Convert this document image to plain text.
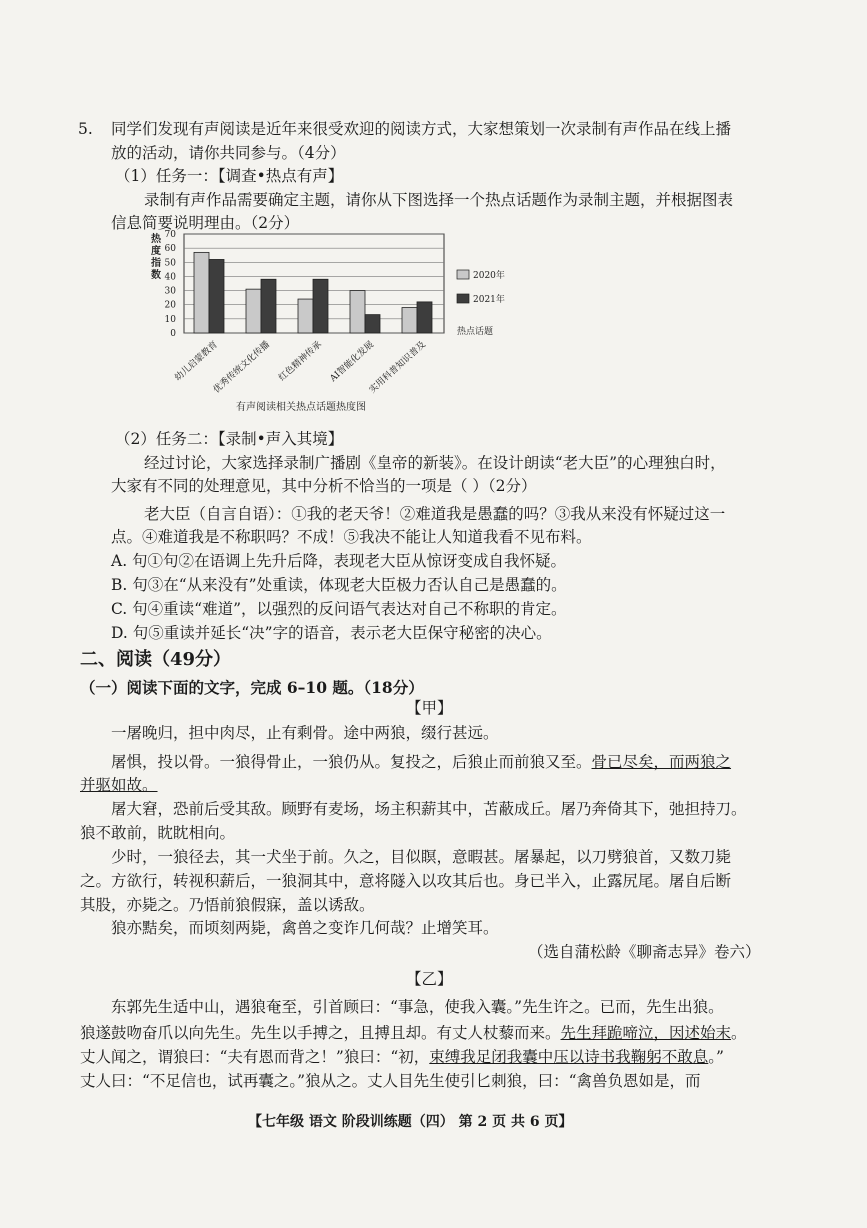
5. 同学们发现有声阅读是近年来很受欢迎的阅读方式，大家想策划一次录制有声作品在线上播
放的活动，请你共同参与。（4分）
（1）任务一：【调查•热点有声】
录制有声作品需要确定主题，请你从下图选择一个热点话题作为录制主题，并根据图表
信息简要说明理由。（2分）
0
10
20
30
40
50
60
70
热
度
指
数
幼儿启蒙教育
优秀传统文化传播 红色精神传承 AI智能化发展
实用科普知识普及
2020年
2021年
热点话题
有声阅读相关热点话题热度图
（2）任务二：【录制•声入其境】
经过讨论，大家选择录制广播剧《皇帝的新装》。在设计朗读“老大臣”的心理独白时，
大家有不同的处理意见，其中分析不恰当的一项是（ ）（2分）
老大臣（自言自语）：①我的老天爷！②难道我是愚蠢的吗？③我从来没有怀疑过这一
点。④难道我是不称职吗？不成！⑤我决不能让人知道我看不见布料。
A. 句①句②在语调上先升后降，表现老大臣从惊讶变成自我怀疑。
B. 句③在“从来没有”处重读，体现老大臣极力否认自己是愚蠢的。
C. 句④重读“难道”，以强烈的反问语气表达对自己不称职的肯定。
D. 句⑤重读并延长“决”字的语音，表示老大臣保守秘密的决心。
二、阅读（49分）
（一）阅读下面的文字，完成 6–10 题。（18分）
【甲】
一屠晚归，担中肉尽，止有剩骨。途中两狼，缀行甚远。
屠惧，投以骨。一狼得骨止，一狼仍从。复投之，后狼止而前狼又至。骨已尽矣，而两狼之
并驱如故。
屠大窘，恐前后受其敌。顾野有麦场，场主积薪其中，苫蔽成丘。屠乃奔倚其下，弛担持刀。
狼不敢前，眈眈相向。
少时，一狼径去，其一犬坐于前。久之，目似瞑，意暇甚。屠暴起，以刀劈狼首，又数刀毙
之。方欲行，转视积薪后，一狼洞其中，意将隧入以攻其后也。身已半入，止露尻尾。屠自后断
其股，亦毙之。乃悟前狼假寐，盖以诱敌。
狼亦黠矣，而顷刻两毙，禽兽之变诈几何哉？止增笑耳。
（选自蒲松龄《聊斋志异》卷六）
【乙】
东郭先生适中山，遇狼奄至，引首顾曰：“事急，使我入囊。”先生许之。已而，先生出狼。
狼遂鼓吻奋爪以向先生。先生以手搏之，且搏且却。有丈人杖藜而来。先生拜跪啼泣，因述始末。
丈人闻之，谓狼曰：“夫有恩而背之！”狼曰：“初，束缚我足闭我囊中压以诗书我鞠躬不敢息。”
丈人曰：“不足信也，试再囊之。”狼从之。丈人目先生使引匕刺狼，曰：“禽兽负恩如是，而
【七年级 语文 阶段训练题（四） 第 2 页 共 6 页】
